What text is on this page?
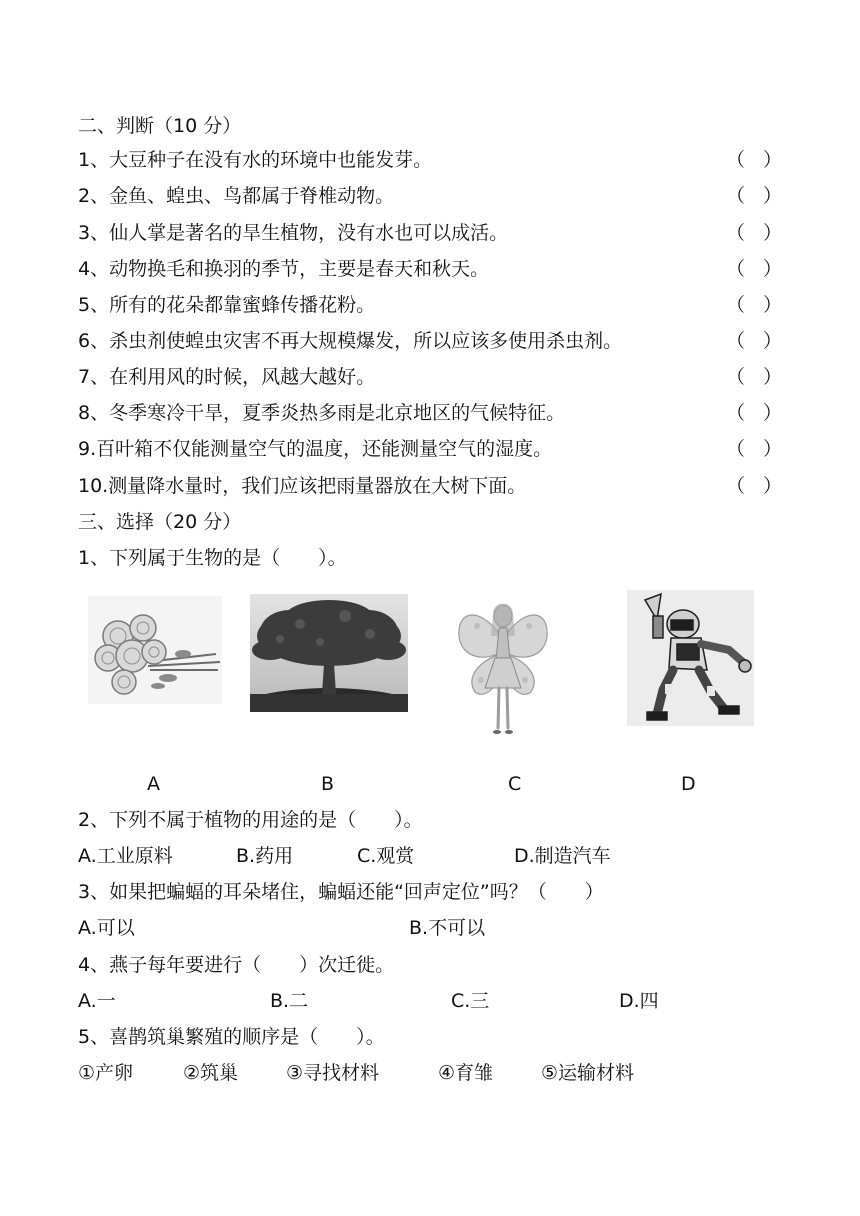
二、判断（10 分）
1、大豆种子在没有水的环境中也能发芽。	（ ）
2、金鱼、蝗虫、鸟都属于脊椎动物。	（ ）
3、仙人掌是著名的旱生植物，没有水也可以成活。	（ ）
4、动物换毛和换羽的季节，主要是春天和秋天。	（ ）
5、所有的花朵都靠蜜蜂传播花粉。	（ ）
6、杀虫剂使蝗虫灾害不再大规模爆发，所以应该多使用杀虫剂。	（ ）
7、在利用风的时候，风越大越好。	（ ）
8、冬季寒冷干旱，夏季炎热多雨是北京地区的气候特征。	（ ）
9.百叶箱不仅能测量空气的温度，还能测量空气的湿度。	（ ）
10.测量降水量时，我们应该把雨量器放在大树下面。	（ ）
三、选择（20 分）
1、下列属于生物的是（　　）。
A	B	C	D
2、下列不属于植物的用途的是（　　）。
A.工业原料	B.药用	C.观赏	D.制造汽车
3、如果把蝙蝠的耳朵堵住，蝙蝠还能“回声定位”吗？（　　）
A.可以	B.不可以
4、燕子每年要进行（　　）次迁徙。
A.一	B.二	C.三	D.四
5、喜鹊筑巢繁殖的顺序是（　　）。
①产卵	②筑巢	③寻找材料	④育雏	⑤运输材料
